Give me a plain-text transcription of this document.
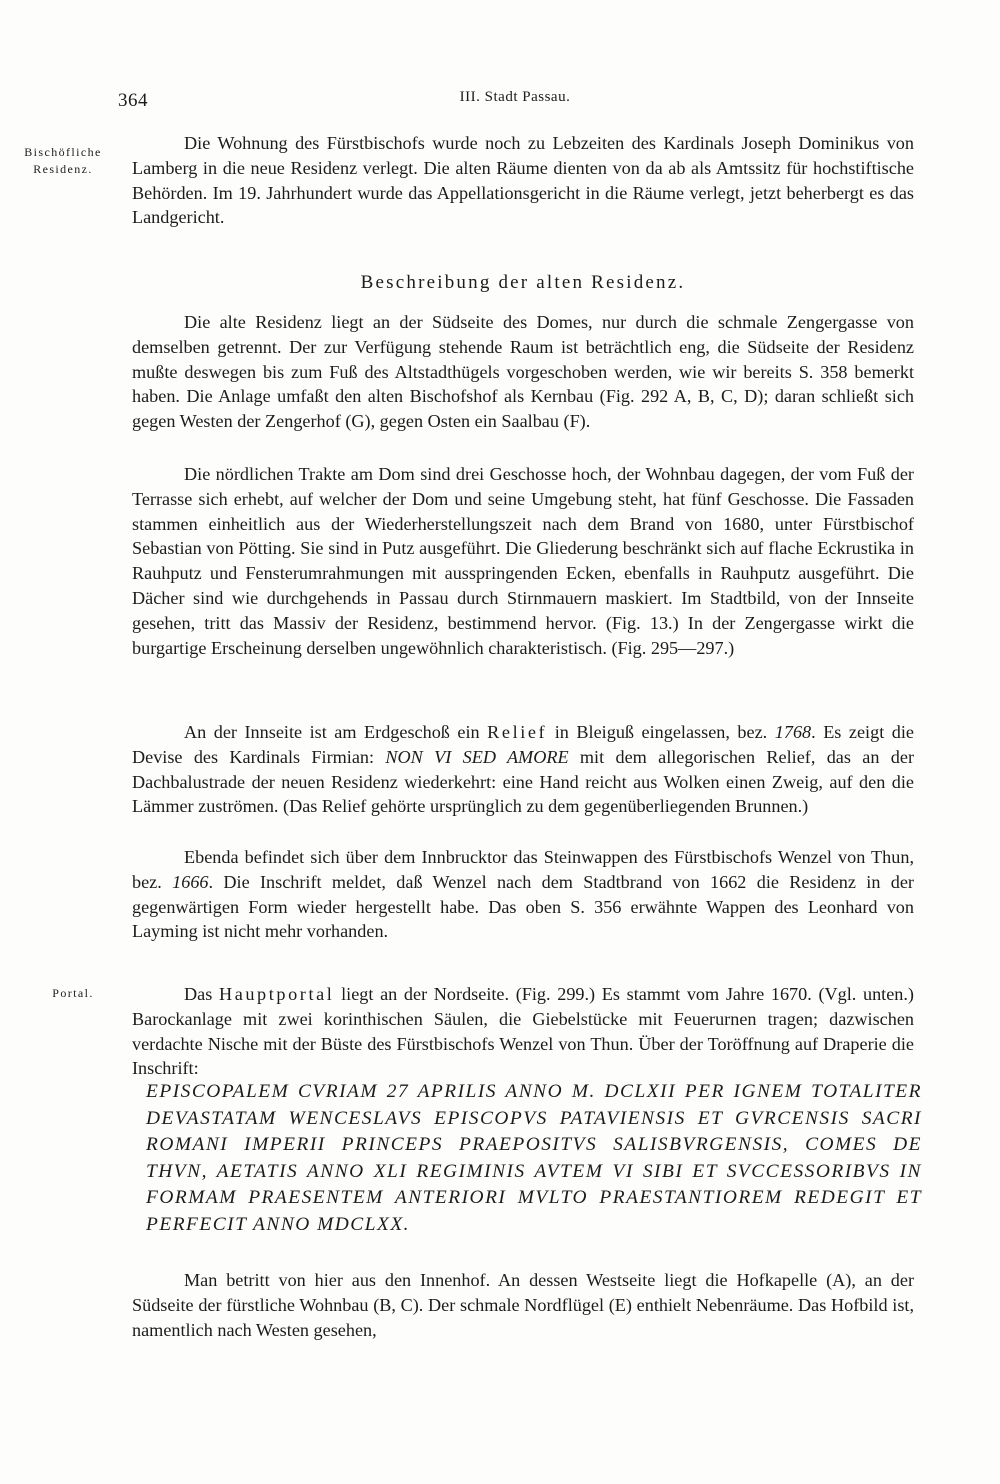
364	III. Stadt Passau.
Bischöfliche Residenz.

Die Wohnung des Fürstbischofs wurde noch zu Lebzeiten des Kardinals Joseph Dominikus von Lamberg in die neue Residenz verlegt. Die alten Räume dienten von da ab als Amtssitz für hochstiftische Behörden. Im 19. Jahrhundert wurde das Appellationsgericht in die Räume verlegt, jetzt beherbergt es das Landgericht.

Beschreibung der alten Residenz.

Die alte Residenz liegt an der Südseite des Domes, nur durch die schmale Zengergasse von demselben getrennt. Der zur Verfügung stehende Raum ist beträchtlich eng, die Südseite der Residenz mußte deswegen bis zum Fuß des Altstadthügels vorgeschoben werden, wie wir bereits S. 358 bemerkt haben. Die Anlage umfaßt den alten Bischofshof als Kernbau (Fig. 292 A, B, C, D); daran schließt sich gegen Westen der Zengerhof (G), gegen Osten ein Saalbau (F).

Die nördlichen Trakte am Dom sind drei Geschosse hoch, der Wohnbau dagegen, der vom Fuß der Terrasse sich erhebt, auf welcher der Dom und seine Umgebung steht, hat fünf Geschosse. Die Fassaden stammen einheitlich aus der Wiederherstellungszeit nach dem Brand von 1680, unter Fürstbischof Sebastian von Pötting. Sie sind in Putz ausgeführt. Die Gliederung beschränkt sich auf flache Eckrustika in Rauhputz und Fensterumrahmungen mit ausspringenden Ecken, ebenfalls in Rauhputz ausgeführt. Die Dächer sind wie durchgehends in Passau durch Stirnmauern maskiert. Im Stadtbild, von der Innseite gesehen, tritt das Massiv der Residenz, bestimmend hervor. (Fig. 13.) In der Zengergasse wirkt die burgartige Erscheinung derselben ungewöhnlich charakteristisch. (Fig. 295—297.)

An der Innseite ist am Erdgeschoß ein Relief in Bleiguß eingelassen, bez. 1768. Es zeigt die Devise des Kardinals Firmian: NON VI SED AMORE mit dem allegorischen Relief, das an der Dachbalustrade der neuen Residenz wiederkehrt: eine Hand reicht aus Wolken einen Zweig, auf den die Lämmer zuströmen. (Das Relief gehörte ursprünglich zu dem gegenüberliegenden Brunnen.)

Ebenda befindet sich über dem Innbrucktor das Steinwappen des Fürstbischofs Wenzel von Thun, bez. 1666. Die Inschrift meldet, daß Wenzel nach dem Stadtbrand von 1662 die Residenz in der gegenwärtigen Form wieder hergestellt habe. Das oben S. 356 erwähnte Wappen des Leonhard von Layming ist nicht mehr vorhanden.

Portal.	Das Hauptportal liegt an der Nordseite. (Fig. 299.) Es stammt vom Jahre 1670. (Vgl. unten.) Barockanlage mit zwei korinthischen Säulen, die Giebelstücke mit Feuerurnen tragen; dazwischen verdachte Nische mit der Büste des Fürstbischofs Wenzel von Thun. Über der Toröffnung auf Draperie die Inschrift:

EPISCOPALEM CVRIAM 27 APRILIS ANNO M. DCLXII PER IGNEM TOTALITER DEVASTATAM WENCESLAVS EPISCOPVS PATAVIENSIS ET GVRCENSIS SACRI ROMANI IMPERII PRINCEPS PRAEPOSITVS SALISBVRGENSIS, COMES DE THVN, AETATIS ANNO XLI REGIMINIS AVTEM VI SIBI ET SVCCESSORIBVS IN FORMAM PRAESENTEM ANTERIORI MVLTO PRAESTANTIOREM REDEGIT ET PERFECIT ANNO MDCLXX.

Man betritt von hier aus den Innenhof. An dessen Westseite liegt die Hofkapelle (A), an der Südseite der fürstliche Wohnbau (B, C). Der schmale Nordflügel (E) enthielt Nebenräume. Das Hofbild ist, namentlich nach Westen gesehen,
